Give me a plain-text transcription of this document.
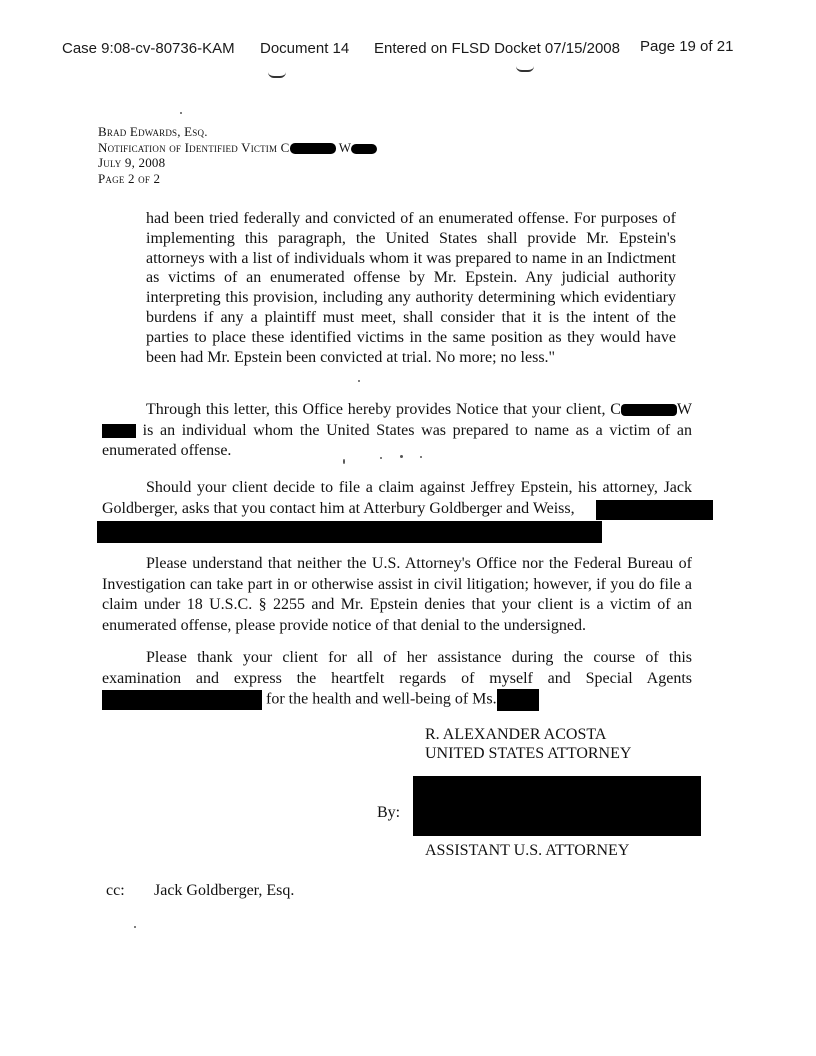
Case 9:08-cv-80736-KAM Document 14 Entered on FLSD Docket 07/15/2008 Page 19 of 21
Brad Edwards, Esq.
Notification of Identified Victim C	W
July 9, 2008
Page 2 of 2
had been tried federally and convicted of an enumerated offense. For purposes of implementing this paragraph, the United States shall provide Mr. Epstein's attorneys with a list of individuals whom it was prepared to name in an Indictment as victims of an enumerated offense by Mr. Epstein. Any judicial authority interpreting this provision, including any authority determining which evidentiary burdens if any a plaintiff must meet, shall consider that it is the intent of the parties to place these identified victims in the same position as they would have been had Mr. Epstein been convicted at trial. No more; no less."
Through this letter, this Office hereby provides Notice that your client, C	W is an individual whom the United States was prepared to name as a victim of an enumerated offense.
Should your client decide to file a claim against Jeffrey Epstein, his attorney, Jack Goldberger, asks that you contact him at Atterbury Goldberger and Weiss,
Please understand that neither the U.S. Attorney's Office nor the Federal Bureau of Investigation can take part in or otherwise assist in civil litigation; however, if you do file a claim under 18 U.S.C. § 2255 and Mr. Epstein denies that your client is a victim of an enumerated offense, please provide notice of that denial to the undersigned.
Please thank your client for all of her assistance during the course of this examination and express the heartfelt regards of myself and Special Agents for the health and well-being of Ms.
R. ALEXANDER ACOSTA
UNITED STATES ATTORNEY
By:
ASSISTANT U.S. ATTORNEY
cc: Jack Goldberger, Esq.
